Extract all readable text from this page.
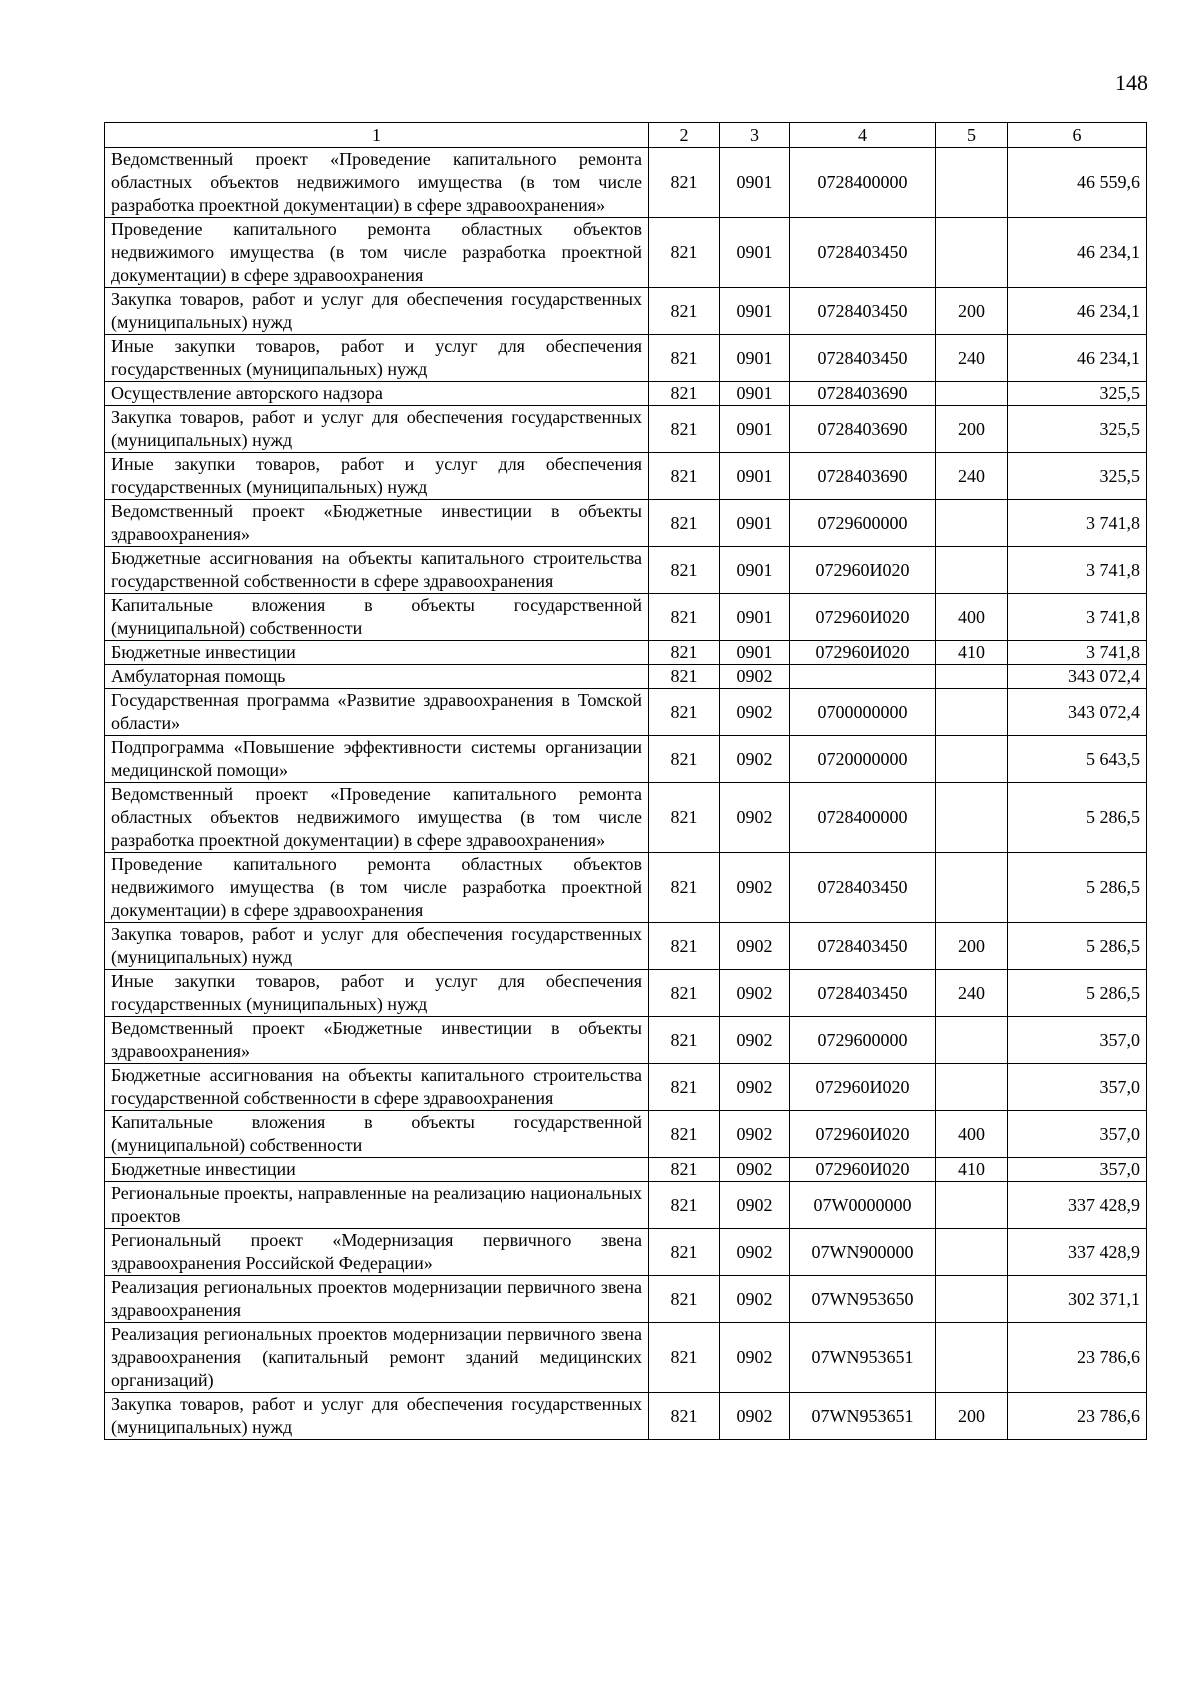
148
1	2	3	4	5	6
Ведомственный проект «Проведение капитального ремонта областных объектов недвижимого имущества (в том числе разработка проектной документации) в сфере здравоохранения»	821	0901	0728400000		46 559,6
Проведение капитального ремонта областных объектов недвижимого имущества (в том числе разработка проектной документации) в сфере здравоохранения	821	0901	0728403450		46 234,1
Закупка товаров, работ и услуг для обеспечения государственных (муниципальных) нужд	821	0901	0728403450	200	46 234,1
Иные закупки товаров, работ и услуг для обеспечения государственных (муниципальных) нужд	821	0901	0728403450	240	46 234,1
Осуществление авторского надзора	821	0901	0728403690		325,5
Закупка товаров, работ и услуг для обеспечения государственных (муниципальных) нужд	821	0901	0728403690	200	325,5
Иные закупки товаров, работ и услуг для обеспечения государственных (муниципальных) нужд	821	0901	0728403690	240	325,5
Ведомственный проект «Бюджетные инвестиции в объекты здравоохранения»	821	0901	0729600000		3 741,8
Бюджетные ассигнования на объекты капитального строительства государственной собственности в сфере здравоохранения	821	0901	072960И020		3 741,8
Капитальные вложения в объекты государственной (муниципальной) собственности	821	0901	072960И020	400	3 741,8
Бюджетные инвестиции	821	0901	072960И020	410	3 741,8
Амбулаторная помощь	821	0902			343 072,4
Государственная программа «Развитие здравоохранения в Томской области»	821	0902	0700000000		343 072,4
Подпрограмма «Повышение эффективности системы организации медицинской помощи»	821	0902	0720000000		5 643,5
Ведомственный проект «Проведение капитального ремонта областных объектов недвижимого имущества (в том числе разработка проектной документации) в сфере здравоохранения»	821	0902	0728400000		5 286,5
Проведение капитального ремонта областных объектов недвижимого имущества (в том числе разработка проектной документации) в сфере здравоохранения	821	0902	0728403450		5 286,5
Закупка товаров, работ и услуг для обеспечения государственных (муниципальных) нужд	821	0902	0728403450	200	5 286,5
Иные закупки товаров, работ и услуг для обеспечения государственных (муниципальных) нужд	821	0902	0728403450	240	5 286,5
Ведомственный проект «Бюджетные инвестиции в объекты здравоохранения»	821	0902	0729600000		357,0
Бюджетные ассигнования на объекты капитального строительства государственной собственности в сфере здравоохранения	821	0902	072960И020		357,0
Капитальные вложения в объекты государственной (муниципальной) собственности	821	0902	072960И020	400	357,0
Бюджетные инвестиции	821	0902	072960И020	410	357,0
Региональные проекты, направленные на реализацию национальных проектов	821	0902	07W0000000		337 428,9
Региональный проект «Модернизация первичного звена здравоохранения Российской Федерации»	821	0902	07WN900000		337 428,9
Реализация региональных проектов модернизации первичного звена здравоохранения	821	0902	07WN953650		302 371,1
Реализация региональных проектов модернизации первичного звена здравоохранения (капитальный ремонт зданий медицинских организаций)	821	0902	07WN953651		23 786,6
Закупка товаров, работ и услуг для обеспечения государственных (муниципальных) нужд	821	0902	07WN953651	200	23 786,6
